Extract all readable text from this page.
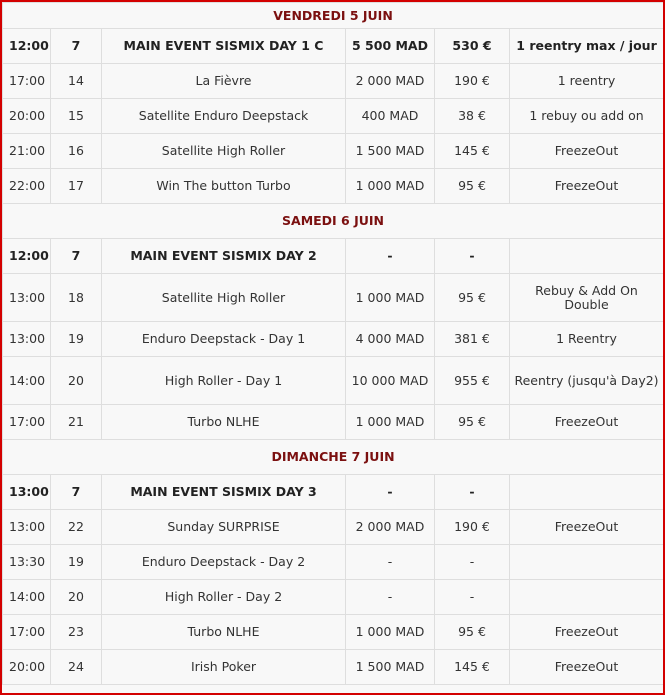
VENDREDI 5 JUIN					
12:00	7	MAIN EVENT SISMIX DAY 1 C	5 500 MAD	530 €	1 reentry max / jour
17:00	14	La Fièvre	2 000 MAD	190 €	1 reentry
20:00	15	Satellite Enduro Deepstack	400 MAD	38 €	1 rebuy ou add on
21:00	16	Satellite High Roller	1 500 MAD	145 €	FreezeOut
22:00	17	Win The button Turbo	1 000 MAD	95 €	FreezeOut
SAMEDI 6 JUIN					
12:00	7	MAIN EVENT SISMIX DAY 2	-	-	
13:00	18	Satellite High Roller	1 000 MAD	95 €	Rebuy & Add On Double
13:00	19	Enduro Deepstack - Day 1	4 000 MAD	381 €	1 Reentry
14:00	20	High Roller - Day 1	10 000 MAD	955 €	Reentry (jusqu'à Day2)
17:00	21	Turbo NLHE	1 000 MAD	95 €	FreezeOut
DIMANCHE 7 JUIN					
13:00	7	MAIN EVENT SISMIX DAY 3	-	-	
13:00	22	Sunday SURPRISE	2 000 MAD	190 €	FreezeOut
13:30	19	Enduro Deepstack - Day 2	-	-	
14:00	20	High Roller - Day 2	-	-	
17:00	23	Turbo NLHE	1 000 MAD	95 €	FreezeOut
20:00	24	Irish Poker	1 500 MAD	145 €	FreezeOut
